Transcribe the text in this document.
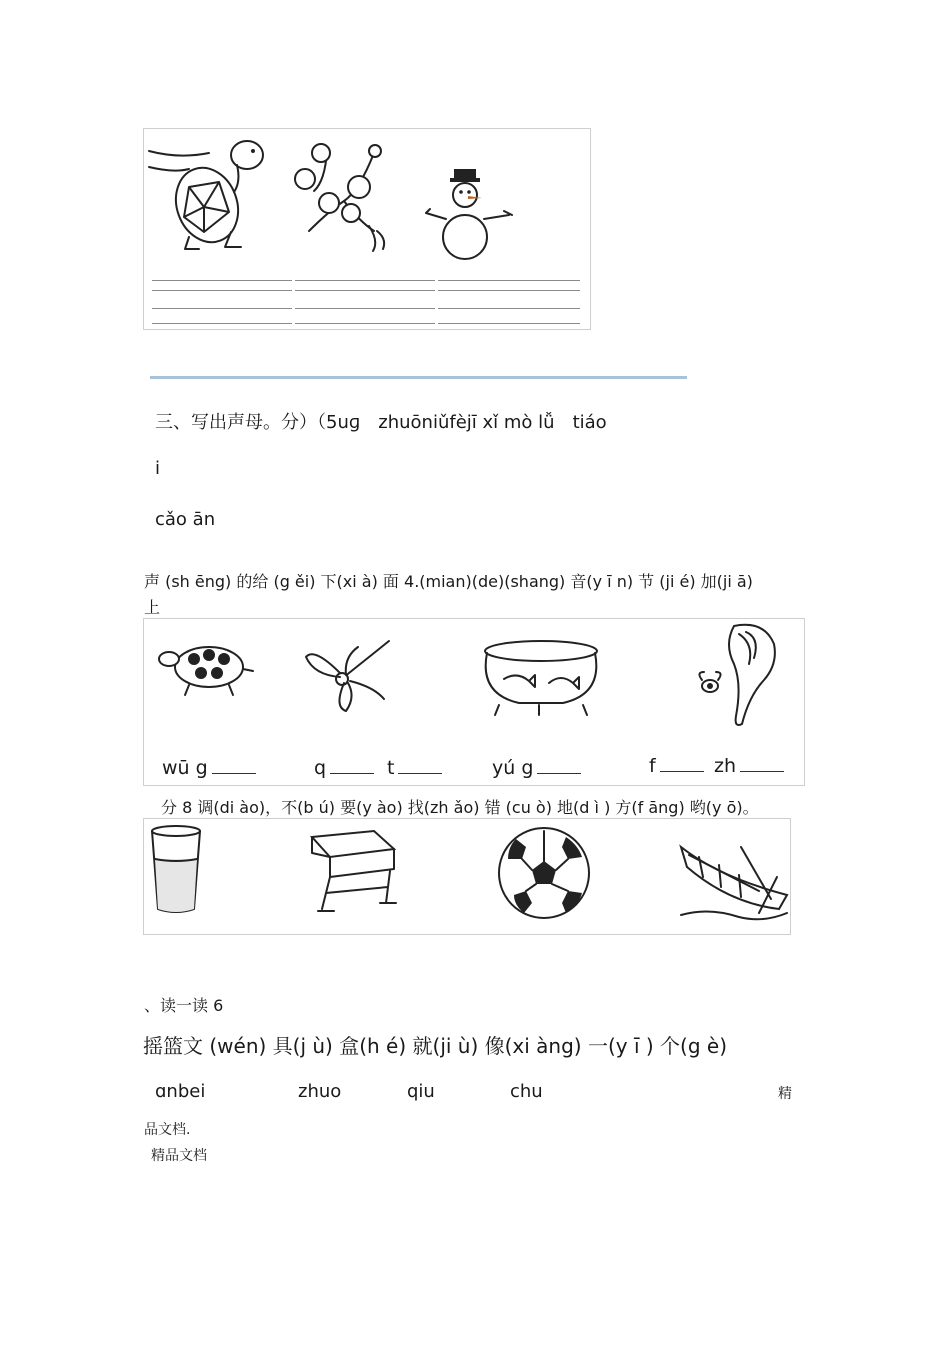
三、写出声母。分）（5uɡ　zhuōniǔfèjī xǐ mò lǚ　tiáo
i
cǎo ān
声 (sh ēng) 的给 (g ěi) 下(xi à) 面 4.(mian)(de)(shang) 音(y ī n) 节 (ji é) 加(ji ā)
上
wū g	q	t	yú g	f	zh
分 8 调(di ào)，不(b ú) 要(y ào) 找(zh ǎo) 错 (cu ò) 地(d ì ) 方(f āng) 哟(y ō)。
、读一读 6
摇篮文 (wén) 具(j ù) 盒(h é) 就(ji ù) 像(xi àng) 一(y ī ) 个(g è)
ɑnbei	zhuo	qiu	chu	精
品文档.
精品文档
